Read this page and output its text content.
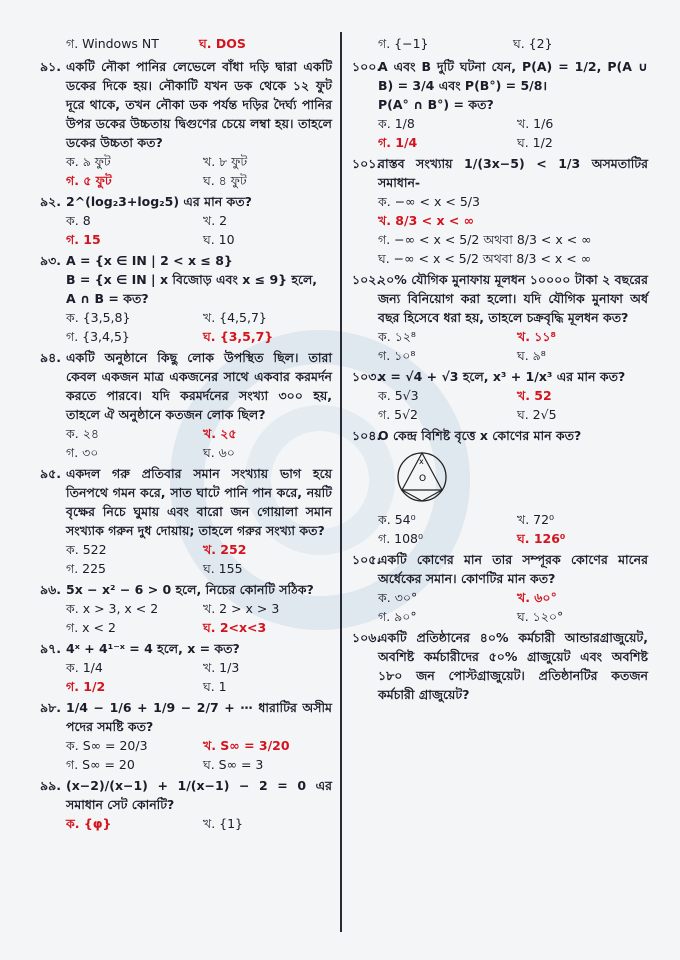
গ. Windows NT	ঘ. DOS
৯১. একটি নৌকা পানির লেভেলে বাঁধা দড়ি দ্বারা একটি ডকের দিকে হয়। নৌকাটি যখন ডক থেকে ১২ ফুট দূরে থাকে, তখন নৌকা ডক পর্যন্ত দড়ির দৈর্ঘ্য পানির উপর ডকের উচ্চতায় দ্বিগুণের চেয়ে লম্বা হয়। তাহলে ডকের উচ্চতা কত?
ক. ৯ ফুট	খ. ৮ ফুট
গ. ৫ ফুট	ঘ. ৪ ফুট
৯২. 2^(log₂3+log₂5) এর মান কত?
ক. 8	খ. 2
গ. 15	ঘ. 10
৯৩. A = {x ∈ IN | 2 < x ≤ 8}
B = {x ∈ IN | x বিজোড় এবং x ≤ 9} হলে,
A ∩ B = কত?
ক. {3,5,8}	খ. {4,5,7}
গ. {3,4,5}	ঘ. {3,5,7}
৯৪. একটি অনুষ্ঠানে কিছু লোক উপস্থিত ছিল। তারা কেবল একজন মাত্র একজনের সাথে একবার করমর্দন করতে পারবে। যদি করমর্দনের সংখ্যা ৩০০ হয়, তাহলে ঐ অনুষ্ঠানে কতজন লোক ছিল?
ক. ২৪	খ. ২৫
গ. ৩০	ঘ. ৬০
৯৫. একদল গরু প্রতিবার সমান সংখ্যায় ভাগ হয়ে তিনপথে গমন করে, সাত ঘাটে পানি পান করে, নয়টি বৃক্ষের নিচে ঘুমায় এবং বারো জন গোয়ালা সমান সংখ্যাক গরুন দুধ দোয়ায়; তাহলে গরুর সংখ্যা কত?
ক. 522	খ. 252
গ. 225	ঘ. 155
৯৬. 5x − x² − 6 > 0 হলে, নিচের কোনটি সঠিক?
ক. x > 3, x < 2	খ. 2 > x > 3
গ. x < 2	ঘ. 2<x<3
৯৭. 4ˣ + 4¹⁻ˣ = 4 হলে, x = কত?
ক. 1/4	খ. 1/3
গ. 1/2	ঘ. 1
৯৮. 1/4 − 1/6 + 1/9 − 2/7 + ⋯ ধারাটির অসীম পদের সমষ্টি কত?
ক. S∞ = 20/3	খ. S∞ = 3/20
গ. S∞ = 20	ঘ. S∞ = 3
৯৯. (x−2)/(x−1) + 1/(x−1) − 2 = 0 এর সমাধান সেট কোনটি?
ক. {φ}	খ. {1}
গ. {−1}	ঘ. {2}
১০০.
A এবং B দুটি ঘটনা যেন, P(A) = 1/2, P(A ∪ B) = 3/4 এবং P(B°) = 5/8।
P(A° ∩ B°) = কত?
ক. 1/8	খ. 1/6
গ. 1/4	ঘ. 1/2
১০১.
বাস্তব সংখ্যায় 1/(3x−5) < 1/3 অসমতাটির সমাধান-
ক. −∞ < x < 5/3
খ. 8/3 < x < ∞
গ. −∞ < x < 5/2 অথবা 8/3 < x < ∞
ঘ. −∞ < x < 5/2 অথবা 8/3 < x < ∞
১০২.
২০% যৌগিক মুনাফায় মূলধন ১০০০০ টাকা ২ বছরের জন্য বিনিয়োগ করা হলো। যদি যৌগিক মুনাফা অর্ধ বছর হিসেবে ধরা হয়, তাহলে চক্রবৃদ্ধি মূলধন কত?
ক. ১২⁸	খ. ১১⁸
গ. ১০⁸	ঘ. ৯⁸
১০৩.
x = √4 + √3 হলে, x³ + 1/x³ এর মান কত?
ক. 5√3	খ. 52
গ. 5√2	ঘ. 2√5
১০৪.
O কেন্দ্র বিশিষ্ট বৃত্তে x কোণের মান কত?
O
x
ক. 54⁰	খ. 72⁰
গ. 108⁰	ঘ. 126⁰
১০৫.
একটি কোণের মান তার সম্পূরক কোণের মানের অর্ধেকের সমান। কোণটির মান কত?
ক. ৩০°	খ. ৬০°
গ. ৯০°	ঘ. ১২০°
১০৬.
একটি প্রতিষ্ঠানের ৪০% কর্মচারী আন্ডারগ্রাজুয়েট, অবশিষ্ট কর্মচারীদের ৫০% গ্রাজুয়েট এবং অবশিষ্ট ১৮০ জন পোস্টগ্রাজুয়েট। প্রতিষ্ঠানটির কতজন কর্মচারী গ্রাজুয়েট?
